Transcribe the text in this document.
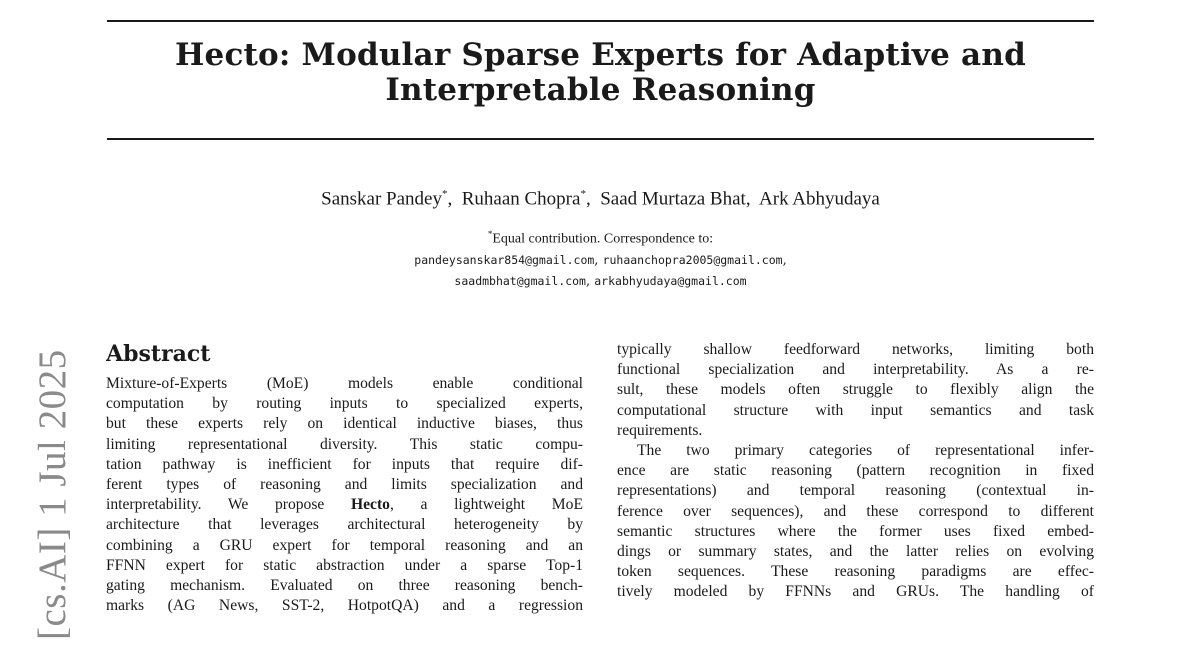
Hecto: Modular Sparse Experts for Adaptive and
Interpretable Reasoning
Sanskar Pandey*,  Ruhaan Chopra*,  Saad Murtaza Bhat,  Ark Abhyudaya
*Equal contribution. Correspondence to:
pandeysanskar854@gmail.com, ruhaanchopra2005@gmail.com,
saadmbhat@gmail.com, arkabhyudaya@gmail.com
[cs.AI] 1 Jul 2025 Abstract
Mixture-of-Experts (MoE) models enable conditional
computation by routing inputs to specialized experts,
but these experts rely on identical inductive biases, thus
limiting representational diversity. This static compu-
tation pathway is inefficient for inputs that require dif-
ferent types of reasoning and limits specialization and
interpretability. We propose Hecto, a lightweight MoE
architecture that leverages architectural heterogeneity by
combining a GRU expert for temporal reasoning and an
FFNN expert for static abstraction under a sparse Top-1
gating mechanism. Evaluated on three reasoning bench-
marks (AG News, SST-2, HotpotQA) and a regression
typically shallow feedforward networks, limiting both
functional specialization and interpretability. As a re-
sult, these models often struggle to flexibly align the
computational structure with input semantics and task
requirements.
The two primary categories of representational infer-
ence are static reasoning (pattern recognition in fixed
representations) and temporal reasoning (contextual in-
ference over sequences), and these correspond to different
semantic structures where the former uses fixed embed-
dings or summary states, and the latter relies on evolving
token sequences. These reasoning paradigms are effec-
tively modeled by FFNNs and GRUs. The handling of
